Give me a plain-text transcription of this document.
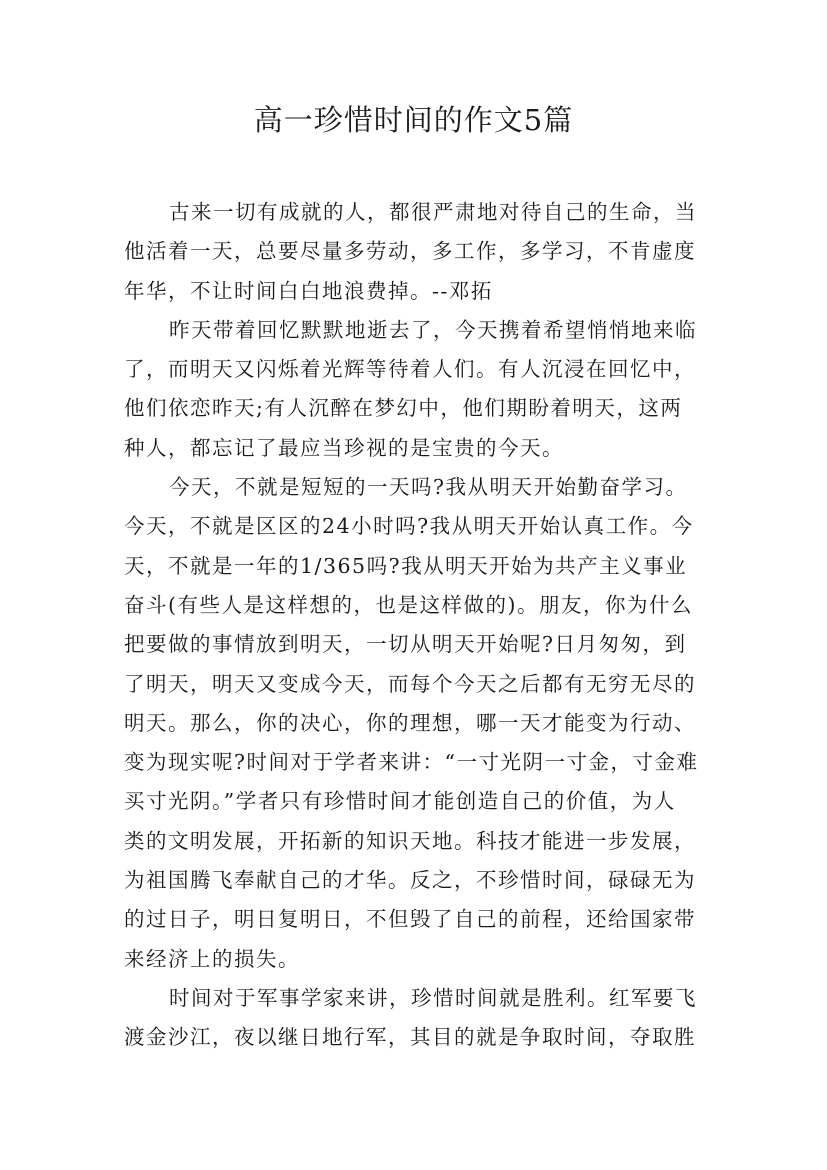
高一珍惜时间的作文5篇
古来一切有成就的人，都很严肃地对待自己的生命，当
他活着一天，总要尽量多劳动，多工作，多学习，不肯虚度
年华，不让时间白白地浪费掉。--邓拓
昨天带着回忆默默地逝去了，今天携着希望悄悄地来临
了，而明天又闪烁着光辉等待着人们。有人沉浸在回忆中，
他们依恋昨天;有人沉醉在梦幻中，他们期盼着明天，这两
种人，都忘记了最应当珍视的是宝贵的今天。
今天，不就是短短的一天吗?我从明天开始勤奋学习。
今天，不就是区区的24小时吗?我从明天开始认真工作。今
天，不就是一年的1/365吗?我从明天开始为共产主义事业
奋斗(有些人是这样想的，也是这样做的)。朋友，你为什么
把要做的事情放到明天，一切从明天开始呢?日月匆匆，到
了明天，明天又变成今天，而每个今天之后都有无穷无尽的
明天。那么，你的决心，你的理想，哪一天才能变为行动、
变为现实呢?时间对于学者来讲：“一寸光阴一寸金，寸金难
买寸光阴。”学者只有珍惜时间才能创造自己的价值，为人
类的文明发展，开拓新的知识天地。科技才能进一步发展，
为祖国腾飞奉献自己的才华。反之，不珍惜时间，碌碌无为
的过日子，明日复明日，不但毁了自己的前程，还给国家带
来经济上的损失。
时间对于军事学家来讲，珍惜时间就是胜利。红军要飞
渡金沙江，夜以继日地行军，其目的就是争取时间，夺取胜
